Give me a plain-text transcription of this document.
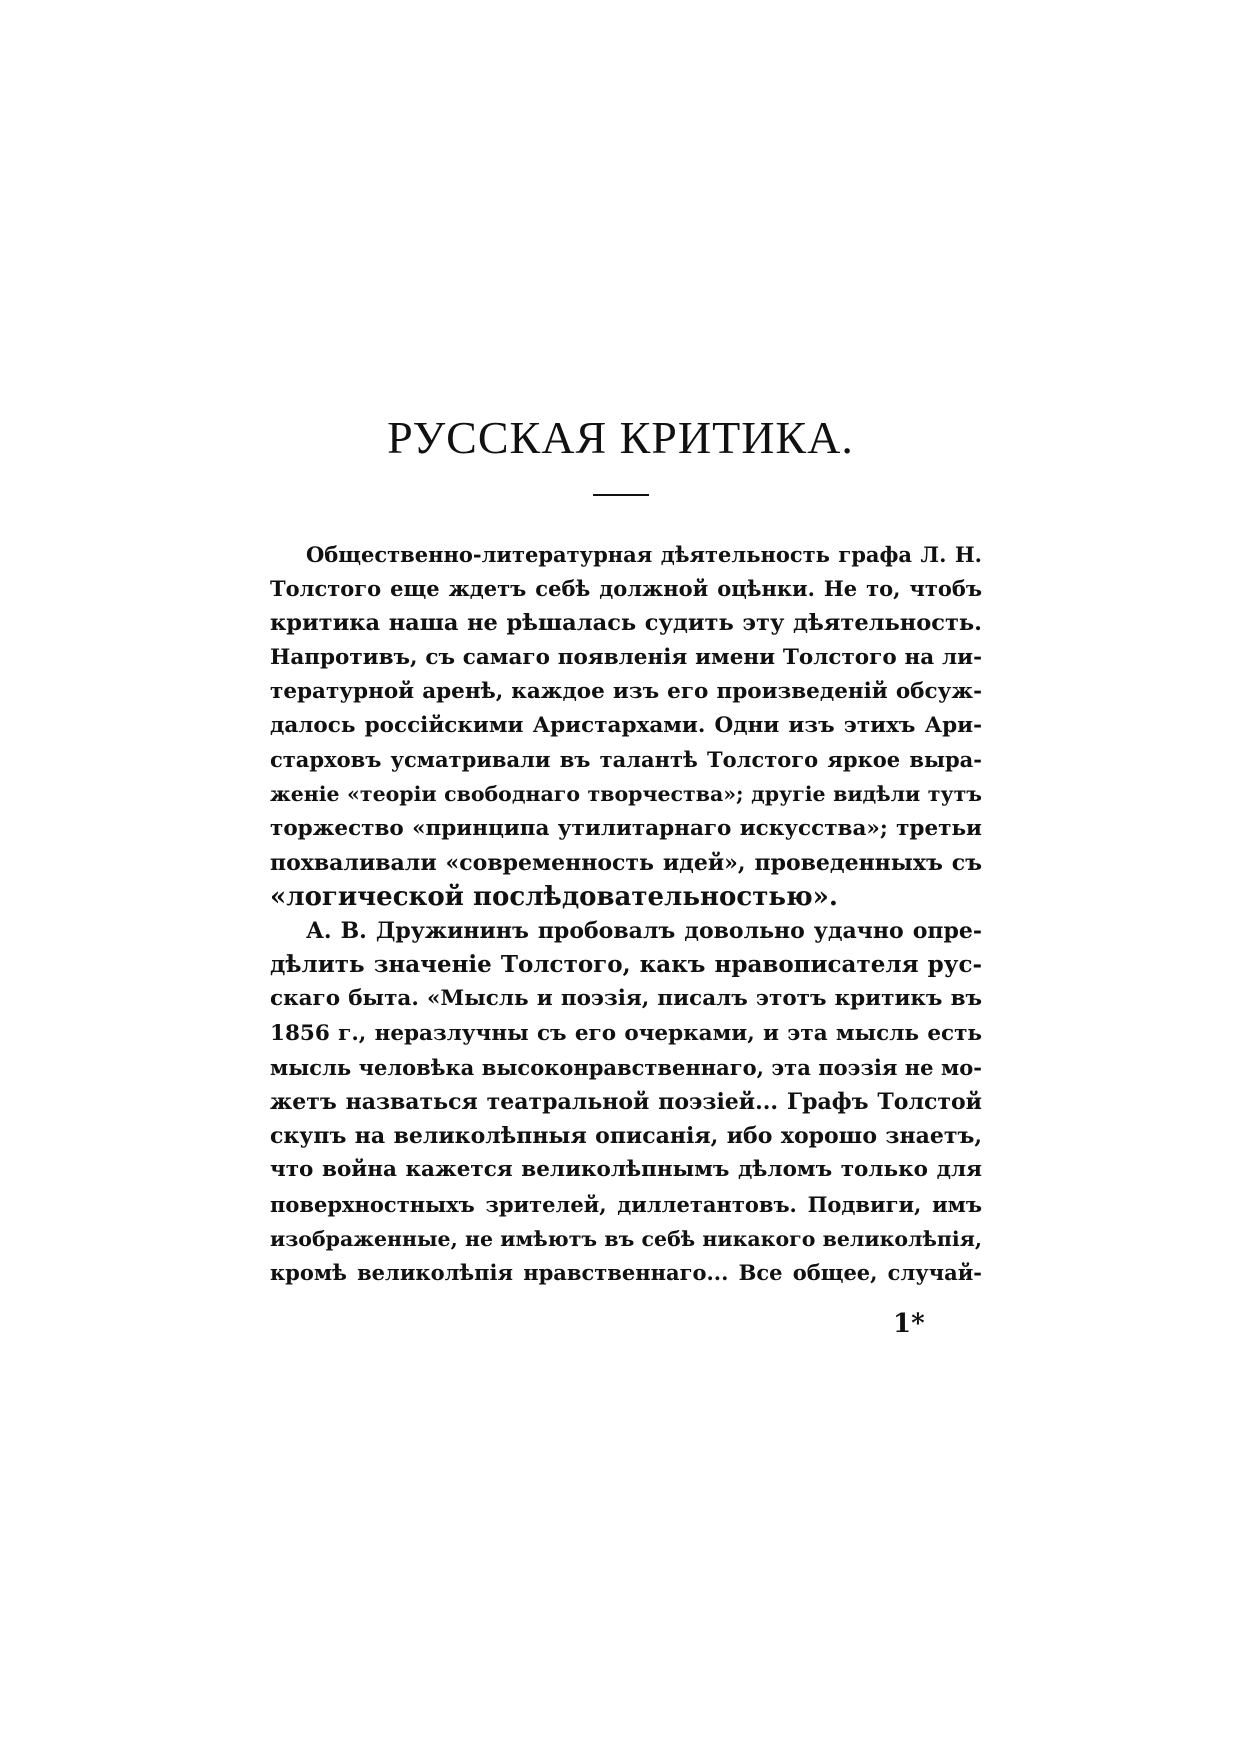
РУССКАЯ КРИТИКА.
Общественно-литературная дѣятельность графа Л. Н.
Толстого еще ждетъ себѣ должной оцѣнки. Не то, чтобъ
критика наша не рѣшалась судить эту дѣятельность.
Напротивъ, съ самаго появленія имени Толстого на ли-
тературной аренѣ, каждое изъ его произведеній обсуж-
далось россійскими Аристархами. Одни изъ этихъ Ари-
старховъ усматривали въ талантѣ Толстого яркое выра-
женіе «теоріи свободнаго творчества»; другіе видѣли тутъ
торжество «принципа утилитарнаго искусства»; третьи
похваливали «современность идей», проведенныхъ съ
«логической послѣдовательностью».
А. В. Дружининъ пробовалъ довольно удачно опре-
дѣлить значеніе Толстого, какъ нравописателя рус-
скаго быта. «Мысль и поэзія, писалъ этотъ критикъ въ
1856 г., неразлучны съ его очерками, и эта мысль есть
мысль человѣка высоконравственнаго, эта поэзія не мо-
жетъ назваться театральной поэзіей... Графъ Толстой
скупъ на великолѣпныя описанія, ибо хорошо знаетъ,
что война кажется великолѣпнымъ дѣломъ только для
поверхностныхъ зрителей, диллетантовъ. Подвиги, имъ
изображенные, не имѣютъ въ себѣ никакого великолѣпія,
кромѣ великолѣпія нравственнаго... Все общее, случай-
1*
